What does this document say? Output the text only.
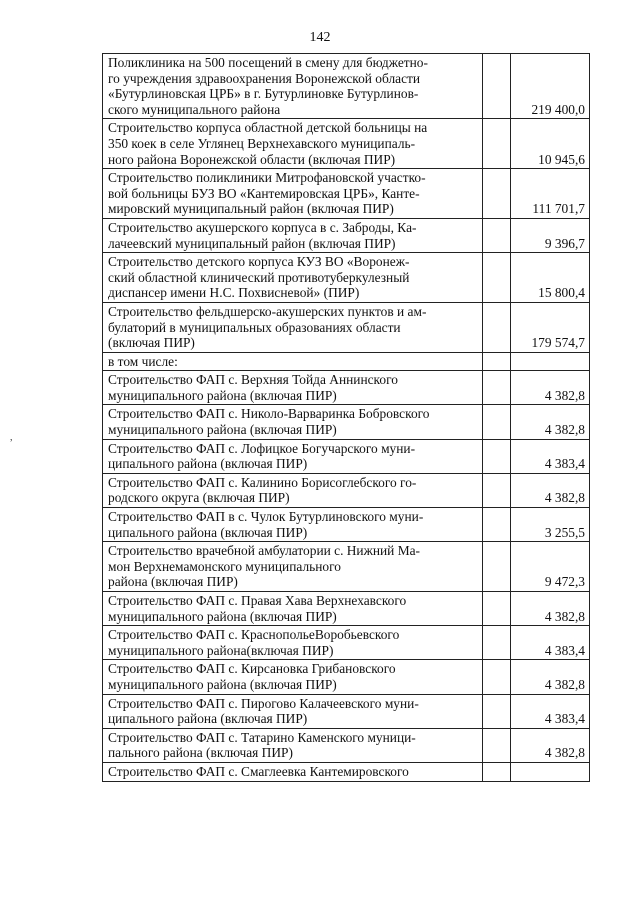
142
,
Поликлиника на 500 посещений в смену для бюджетно-
го учреждения здравоохранения Воронежской области
«Бутурлиновская ЦРБ» в г. Бутурлиновке Бутурлинов-
ского муниципального района		219 400,0

Строительство корпуса областной детской больницы на
350 коек в селе Углянец Верхнехавского муниципаль-
ного района Воронежской области (включая ПИР)		10 945,6

Строительство поликлиники Митрофановской участко-
вой больницы БУЗ ВО «Кантемировская ЦРБ», Канте-
мировский муниципальный район (включая ПИР)		111 701,7

Строительство акушерского корпуса в с. Заброды, Ка-
лачеевский муниципальный район (включая ПИР)		9 396,7

Строительство детского корпуса КУЗ ВО «Воронеж-
ский областной клинический противотуберкулезный
диспансер имени Н.С. Похвисневой» (ПИР)		15 800,4

Строительство фельдшерско-акушерских пунктов и ам-
булаторий в муниципальных образованиях области
(включая ПИР)		179 574,7

в том числе:		

Строительство ФАП с. Верхняя Тойда Аннинского
муниципального района (включая ПИР)		4 382,8

Строительство ФАП с. Николо-Варваринка Бобровского
муниципального района (включая ПИР)		4 382,8

Строительство ФАП с. Лофицкое Богучарского муни-
ципального района (включая ПИР)		4 383,4

Строительство ФАП с. Калинино Борисоглебского го-
родского округа (включая ПИР)		4 382,8

Строительство ФАП в с. Чулок Бутурлиновского муни-
ципального района (включая ПИР)		3 255,5

Строительство врачебной амбулатории с. Нижний Ма-
мон Верхнемамонского муниципального
района (включая ПИР)		9 472,3

Строительство ФАП с. Правая Хава Верхнехавского
муниципального района (включая ПИР)		4 382,8

Строительство ФАП с. КраснопольеВоробьевского
муниципального района(включая ПИР)		4 383,4

Строительство ФАП с. Кирсановка Грибановского
муниципального района (включая ПИР)		4 382,8

Строительство ФАП с. Пирогово Калачеевского муни-
ципального района (включая ПИР)		4 383,4

Строительство ФАП с. Татарино Каменского муници-
пального района (включая ПИР)		4 382,8

Строительство ФАП с. Смаглеевка Кантемировского		
